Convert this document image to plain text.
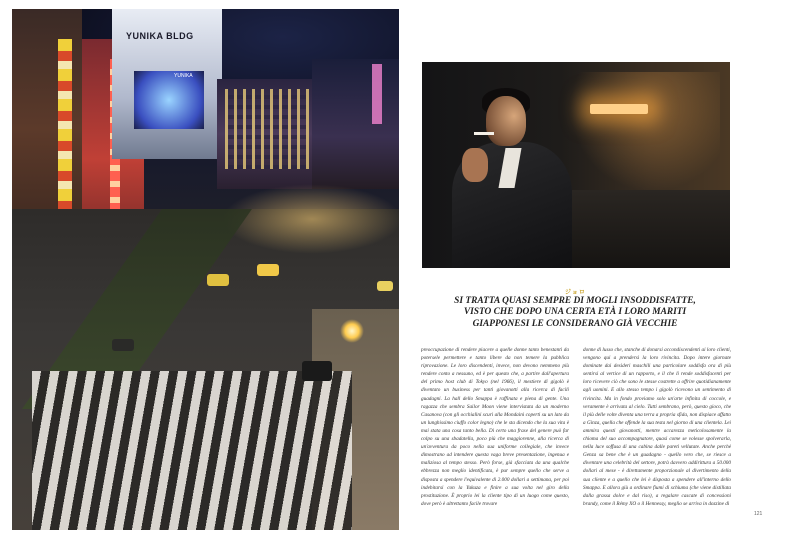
YUNIKA BLDG
YUNIKA
ジョロ
SI TRATTA QUASI SEMPRE DI MOGLI INSODDISFATTE,
VISTO CHE DOPO UNA CERTA ETÀ I LORO MARITI
GIAPPONESI LE CONSIDERANO GIÀ VECCHIE
preoccupazione di rendere piacere a quelle donne tanto benestanti da potersele permettere e tanto libere da non temere la pubblica riprovazione. Le loro discendenti, invece, non devono nemmeno più rendere conto a nessuno, ed è per questo che, a partire dall'apertura del primo host club di Tokyo (nel 1966), il mestiere di gigolò è diventato un business per tanti giovanotti alla ricerca di facili guadagni. La hall dello Smappa è raffinata e piena di gente. Una ragazza che sembra Sailor Moon viene intervistata da un moderno Casanova (con gli occhialini scuri alla Mondaini coperti su un lato da un lunghissimo ciuffo color legno) che le sta dicendo che la sua vita è mai stata una cosa tanto bella. Di certo una frase del genere può far colpo su una sbadatella, poco più che maggiorenne, alla ricerca di un'avventura da poco nella sua uniforme collegiale, che invece dimostrano ad intendere questa vaga breve presentazione, ingenua e maliziosa al tempo stesso. Però forse, già sfacciata da una qualche ebbrezza non meglio identificata, è pur sempre quello che serve a disposta a spendere l'equivalente di 2.000 dollari a settimana, per poi indebitarsi con la Yakuza e finire a sua volta nel giro della prostituzione. È proprio lei la cliente tipo di un luogo come questo, dove però è altrettanto facile trovare
donne di lusso che, stanche di donarsi accondiscendenti ai loro clienti, vengono qui a prendersi la loro rivincita. Dopo intere giornate dominate dai desideri maschili una particolare soddisfa ora di più sentirsi al vertice di un rapporto, e il che li rende soddisfacenti per loro ricevere ciò che sono le stesse costrette a offrire quotidianamente agli uomini. E allo stesso tempo i gigolò ricevono un sentimento di rivincita. Ma in fondo proviamo solo un'arte infinita di coccole, e veramente è arrivata al cielo. Tutti sembrano, però, questo gioco, che il più delle volte diventa una terra a propria sfida, non dispiace affatto a Ginza, quella che offende la sua testa nel giorno di una clientela. Lei ammira questi giovanotti, mentre accarezza meticolosamente la chioma del suo accompagnatore, quasi come se volesse spolverarla, nella luce soffusa di una cabina dalle pareti vellutate. Anche perché Genza sa bene che è un guadagno - quello vero che, se riesce a diventare una celebrità del settore, potrà davvero addirittura a 50.000 dollari al mese - è direttamente proporzionale al divertimento della sua cliente e a quello che lei è disposta a spendere all'interno dello Smappa. E allora giù a ordinare fiumi di schiuma (che viene distillata dalla grassa dolce e dal riso), a regalare cascate di concessioni brandy, come il Rémy XO o il Hennessy, meglio se arriva in dozzine di
121
